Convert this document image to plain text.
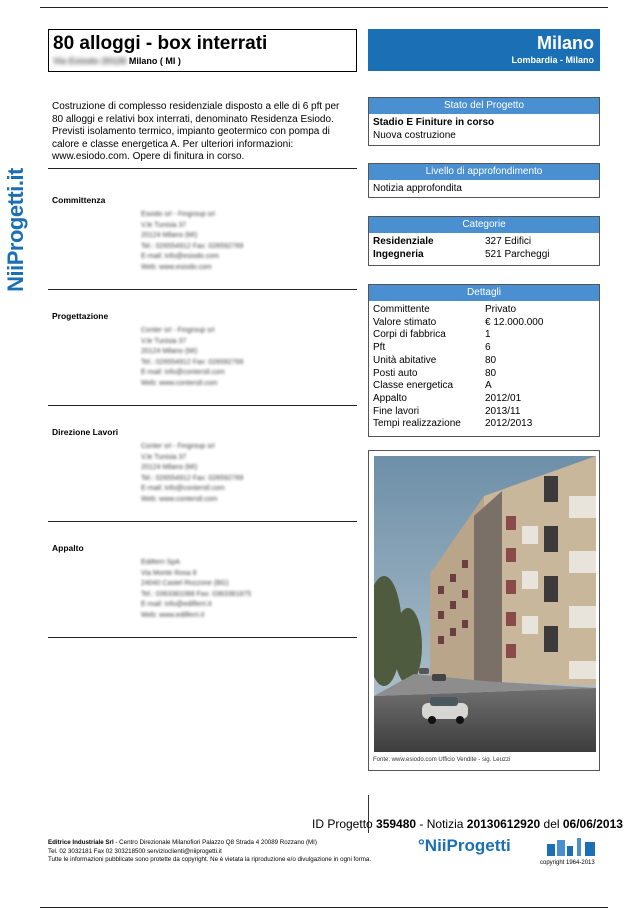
NiiProgetti.it
80 alloggi - box interrati
Via Esiodo 20126 Milano ( MI )
Milano
Lombardia - Milano
Costruzione di complesso residenziale disposto a elle di 6 pft per 80 alloggi e relativi box interrati, denominato Residenza Esiodo. Previsti isolamento termico, impianto geotermico con pompa di calore e classe energetica A. Per ulteriori informazioni: www.esiodo.com. Opere di finitura in corso.
Committenza
Esiodo srl - Fingroup srl
V.le Tunisia 37
20124 Milano (MI)
Tel.: 026554912 Fax: 026592769
E-mail: info@esiodo.com
Web: www.esiodo.com
Progettazione
Conter srl - Fingroup srl
V.le Tunisia 37
20124 Milano (MI)
Tel.: 026554912 Fax: 026592769
E-mail: info@conterstl.com
Web: www.conterstl.com
Direzione Lavori
Conter srl - Fingroup srl
V.le Tunisia 37
20124 Milano (MI)
Tel.: 026554912 Fax: 026592769
E-mail: info@conterstl.com
Web: www.conterstl.com
Appalto
Edilferri SpA
Via Monte Rosa 8
24040 Castel Rozzone (BG)
Tel.: 0363381088 Fax: 0363381875
E-mail: info@edilferri.it
Web: www.edilferri.it
Stato del Progetto
Stadio E Finiture in corso
Nuova costruzione
Livello di approfondimento
Notizia approfondita
Categorie
Residenziale	327 Edifici
Ingegneria	521 Parcheggi
Dettagli
Committente	Privato
Valore stimato	€ 12.000.000
Corpi di fabbrica	1
Pft	6
Unità abitative	80
Posti auto	80
Classe energetica	A
Appalto	2012/01
Fine lavori	2013/11
Tempi realizzazione	2012/2013
Fonte: www.esiodo.com Ufficio Vendite - sig. Leuzzi
ID Progetto 359480 - Notizia 20130612920 del 06/06/2013
Editrice Industriale Srl - Centro Direzionale Milanofiori Palazzo Q8 Strada 4 20089 Rozzano (MI)
Tel. 02 3032181 Fax 02 303218500 servizioclienti@niiprogetti.it
Tutte le informazioni pubblicate sono protette da copyright. Ne è vietata la riproduzione e/o divulgazione in ogni forma.
°NiiProgetti
copyright 1964-2013
